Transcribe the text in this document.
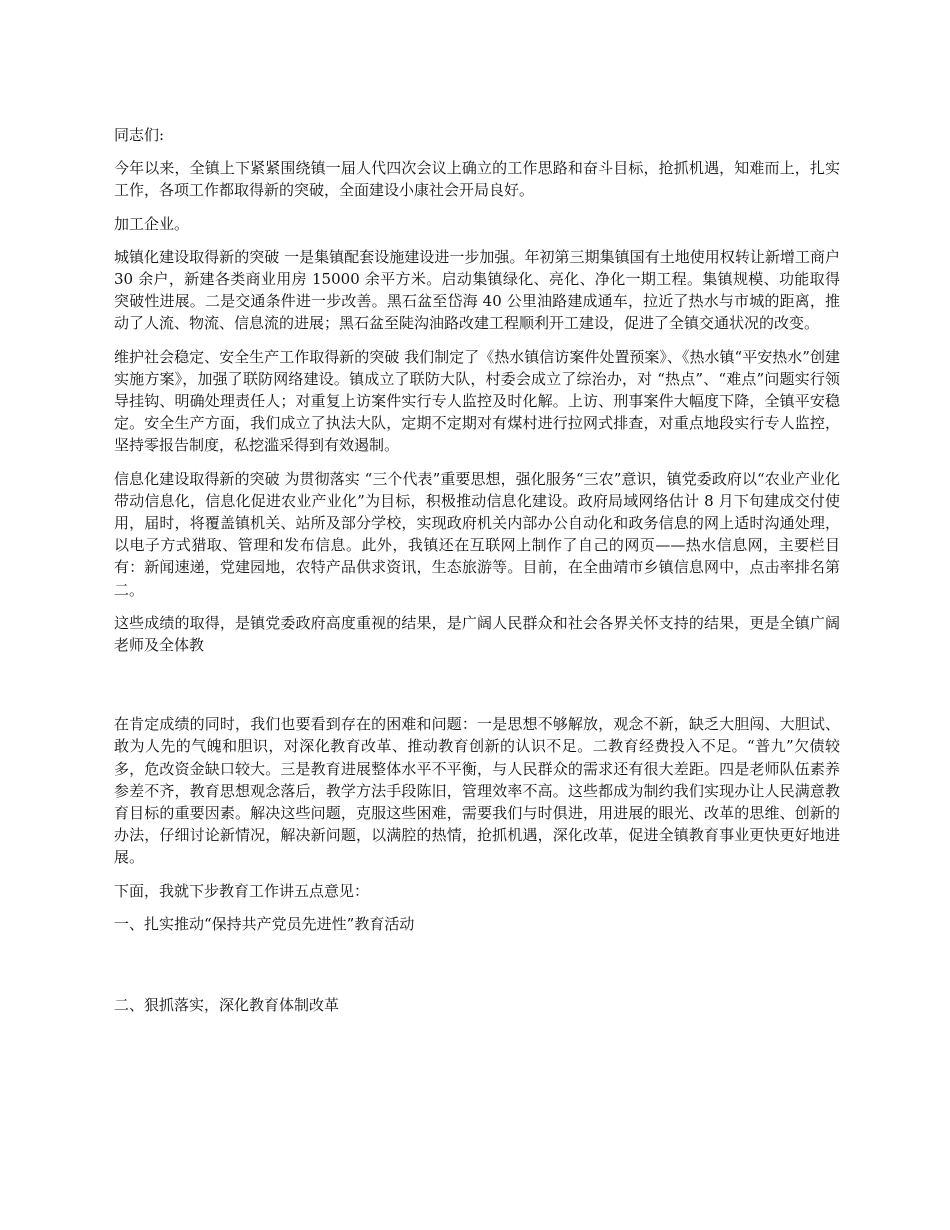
同志们:

今年以来，全镇上下紧紧围绕镇一届人代四次会议上确立的工作思路和奋斗目标，抢抓机遇，知难而上，扎实工作，各项工作都取得新的突破，全面建设小康社会开局良好。

加工企业。

城镇化建设取得新的突破 一是集镇配套设施建设进一步加强。年初第三期集镇国有土地使用权转让新增工商户 30 余户，新建各类商业用房 15000 余平方米。启动集镇绿化、亮化、净化一期工程。集镇规模、功能取得突破性进展。二是交通条件进一步改善。黑石盆至岱海 40 公里油路建成通车，拉近了热水与市城的距离，推动了人流、物流、信息流的进展；黑石盆至陡沟油路改建工程顺利开工建设，促进了全镇交通状况的改变。

维护社会稳定、安全生产工作取得新的突破 我们制定了《热水镇信访案件处置预案》、《热水镇“平安热水”创建实施方案》，加强了联防网络建设。镇成立了联防大队，村委会成立了综治办，对 “热点”、“难点”问题实行领导挂钩、明确处理责任人；对重复上访案件实行专人监控及时化解。上访、刑事案件大幅度下降，全镇平安稳定。安全生产方面，我们成立了执法大队，定期不定期对有煤村进行拉网式排查，对重点地段实行专人监控，坚持零报告制度，私挖滥采得到有效遏制。

信息化建设取得新的突破 为贯彻落实 “三个代表”重要思想，强化服务“三农”意识，镇党委政府以“农业产业化带动信息化，信息化促进农业产业化”为目标，积极推动信息化建设。政府局域网络估计 8 月下旬建成交付使用，届时，将覆盖镇机关、站所及部分学校，实现政府机关内部办公自动化和政务信息的网上适时沟通处理，以电子方式猎取、管理和发布信息。此外，我镇还在互联网上制作了自己的网页——热水信息网，主要栏目有：新闻速递，党建园地，农特产品供求资讯，生态旅游等。目前，在全曲靖市乡镇信息网中，点击率排名第二。

这些成绩的取得，是镇党委政府高度重视的结果，是广阔人民群众和社会各界关怀支持的结果，更是全镇广阔老师及全体教

在肯定成绩的同时，我们也要看到存在的困难和问题：一是思想不够解放，观念不新，缺乏大胆闯、大胆试、敢为人先的气魄和胆识，对深化教育改革、推动教育创新的认识不足。二教育经费投入不足。“普九”欠债较多，危改资金缺口较大。三是教育进展整体水平不平衡，与人民群众的需求还有很大差距。四是老师队伍素养参差不齐，教育思想观念落后，教学方法手段陈旧，管理效率不高。这些都成为制约我们实现办让人民满意教育目标的重要因素。解决这些问题，克服这些困难，需要我们与时俱进，用进展的眼光、改革的思维、创新的办法，仔细讨论新情况，解决新问题，以满腔的热情，抢抓机遇，深化改革，促进全镇教育事业更快更好地进展。

下面，我就下步教育工作讲五点意见：

一、扎实推动“保持共产党员先进性”教育活动

二、狠抓落实，深化教育体制改革
